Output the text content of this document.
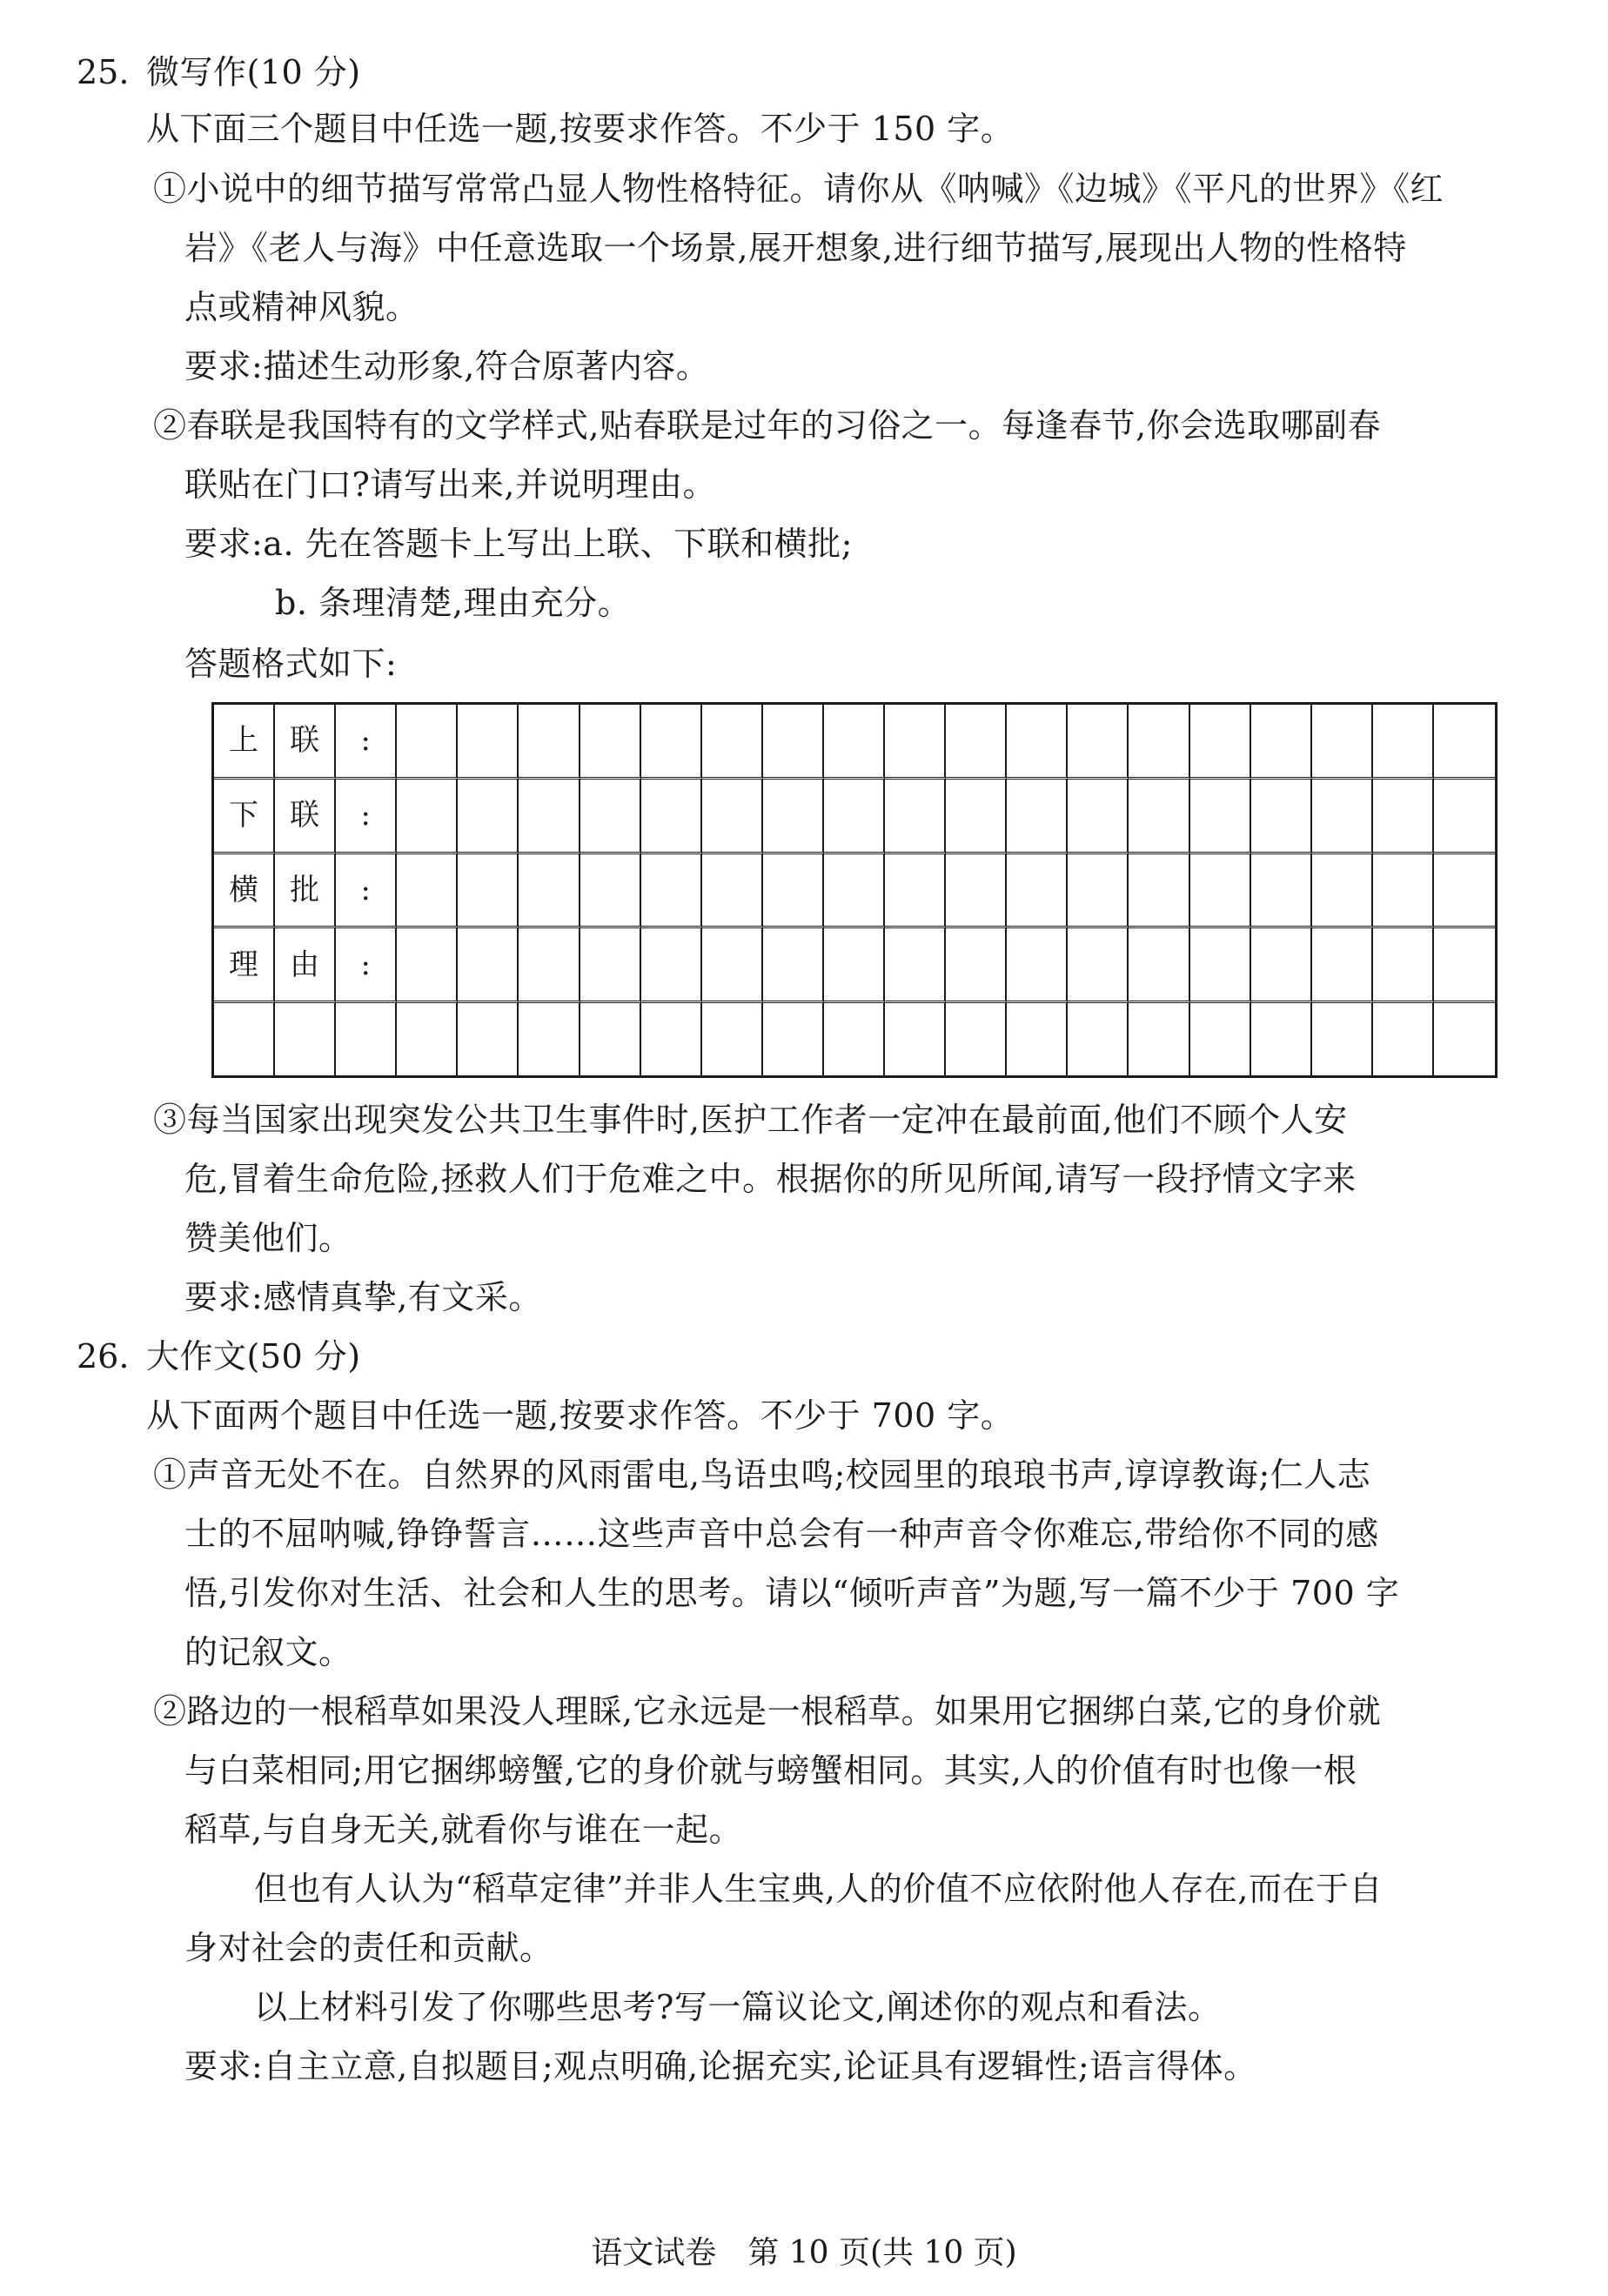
25. 微写作(10 分)
从下面三个题目中任选一题,按要求作答。不少于 150 字。
①小说中的细节描写常常凸显人物性格特征。请你从《呐喊》《边城》《平凡的世界》《红
岩》《老人与海》中任意选取一个场景,展开想象,进行细节描写,展现出人物的性格特
点或精神风貌。
要求:描述生动形象,符合原著内容。
②春联是我国特有的文学样式,贴春联是过年的习俗之一。每逢春节,你会选取哪副春
联贴在门口?请写出来,并说明理由。
要求:a. 先在答题卡上写出上联、下联和横批;
b. 条理清楚,理由充分。
答题格式如下:
上	联	:																		
下	联	:																		
横	批	:																		
理	由	:																		

③每当国家出现突发公共卫生事件时,医护工作者一定冲在最前面,他们不顾个人安
危,冒着生命危险,拯救人们于危难之中。根据你的所见所闻,请写一段抒情文字来
赞美他们。
要求:感情真挚,有文采。
26. 大作文(50 分)
从下面两个题目中任选一题,按要求作答。不少于 700 字。
①声音无处不在。自然界的风雨雷电,鸟语虫鸣;校园里的琅琅书声,谆谆教诲;仁人志
士的不屈呐喊,铮铮誓言……这些声音中总会有一种声音令你难忘,带给你不同的感
悟,引发你对生活、社会和人生的思考。请以“倾听声音”为题,写一篇不少于 700 字
的记叙文。
②路边的一根稻草如果没人理睬,它永远是一根稻草。如果用它捆绑白菜,它的身价就
与白菜相同;用它捆绑螃蟹,它的身价就与螃蟹相同。其实,人的价值有时也像一根
稻草,与自身无关,就看你与谁在一起。
但也有人认为“稻草定律”并非人生宝典,人的价值不应依附他人存在,而在于自
身对社会的责任和贡献。
以上材料引发了你哪些思考?写一篇议论文,阐述你的观点和看法。
要求:自主立意,自拟题目;观点明确,论据充实,论证具有逻辑性;语言得体。
语文试卷　第 10 页(共 10 页)
